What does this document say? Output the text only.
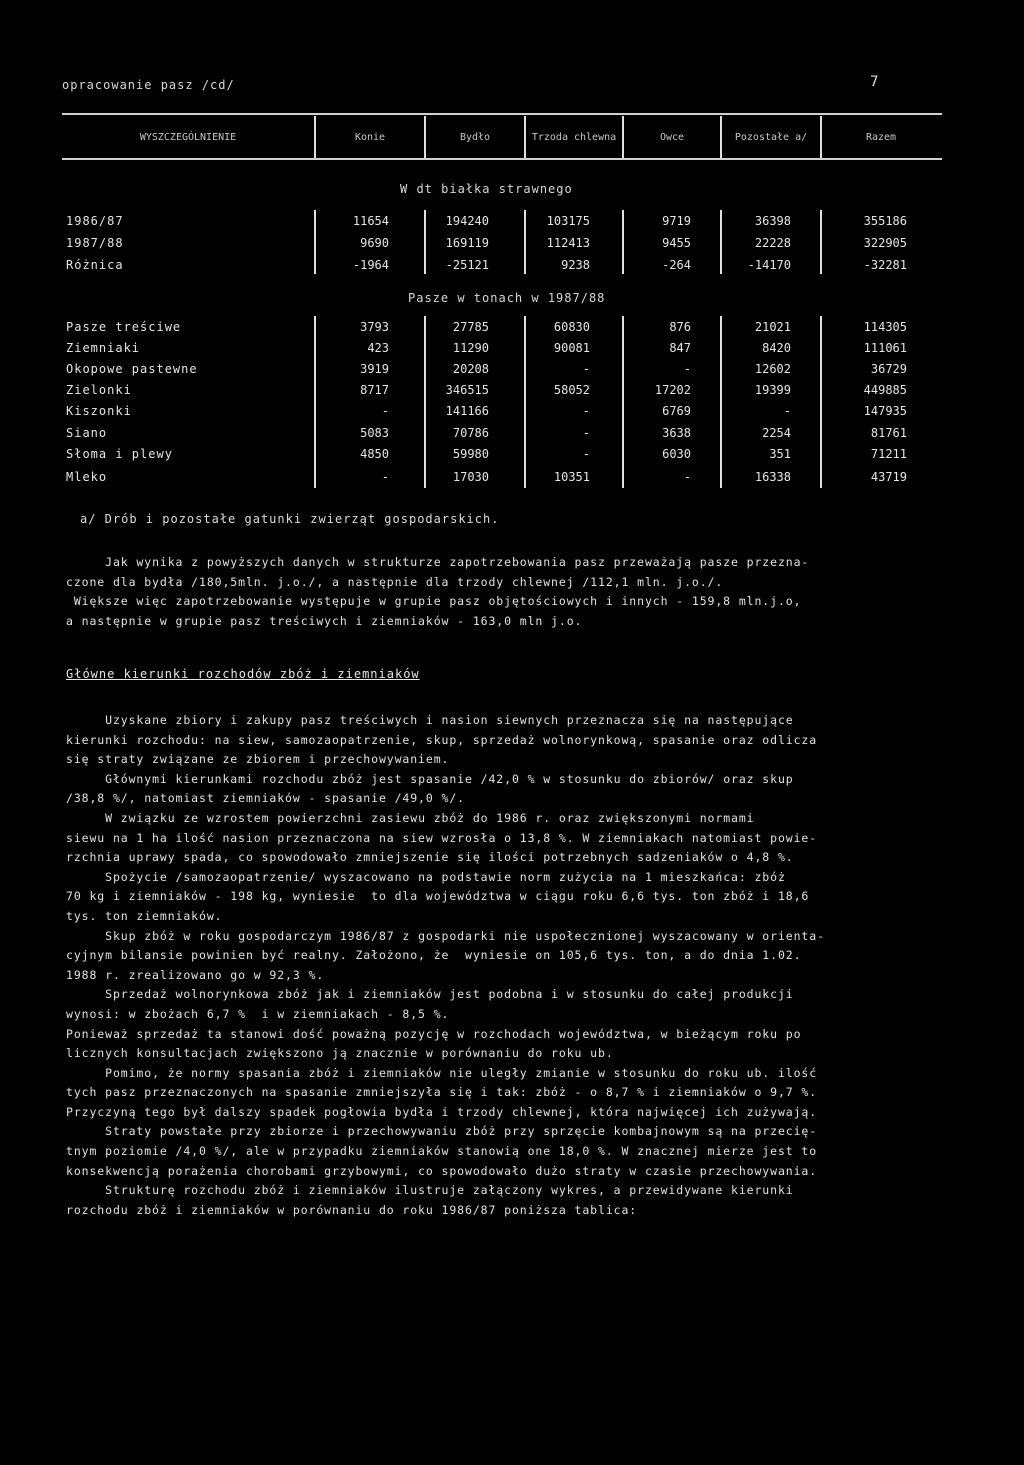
opracowanie pasz /cd/	7
WYSZCZEGÓLNIENIE	Konie	Bydło	Trzoda chlewna	Owce	Pozostałe a/	Razem
W dt białka strawnego
1986/87	11654	194240	103175	9719	36398	355186
1987/88	9690	169119	112413	9455	22228	322905
Różnica	-1964	-25121	9238	-264	-14170	-32281
Pasze w tonach w 1987/88
Pasze treściwe	3793	27785	60830	876	21021	114305
Ziemniaki	423	11290	90081	847	8420	111061
Okopowe pastewne	3919	20208	-	-	12602	36729
Zielonki	8717	346515	58052	17202	19399	449885
Kiszonki	-	141166	-	6769	-	147935
Siano	5083	70786	-	3638	2254	81761
Słoma i plewy	4850	59980	-	6030	351	71211
Mleko	-	17030	10351	-	16338	43719
a/ Drób i pozostałe gatunki zwierząt gospodarskich.
Jak wynika z powyższych danych w strukturze zapotrzebowania pasz przeważają pasze przezna-
czone dla bydła /180,5mln. j.o./, a następnie dla trzody chlewnej /112,1 mln. j.o./.
Większe więc zapotrzebowanie występuje w grupie pasz objętościowych i innych - 159,8 mln.j.o,
a następnie w grupie pasz treściwych i ziemniaków - 163,0 mln j.o.
Główne kierunki rozchodów zbóż i ziemniaków
Uzyskane zbiory i zakupy pasz treściwych i nasion siewnych przeznacza się na następujące
kierunki rozchodu: na siew, samozaopatrzenie, skup, sprzedaż wolnorynkową, spasanie oraz odlicza
się straty związane ze zbiorem i przechowywaniem.
Głównymi kierunkami rozchodu zbóż jest spasanie /42,0 % w stosunku do zbiorów/ oraz skup
/38,8 %/, natomiast ziemniaków - spasanie /49,0 %/.
W związku ze wzrostem powierzchni zasiewu zbóż do 1986 r. oraz zwiększonymi normami
siewu na 1 ha ilość nasion przeznaczona na siew wzrosła o 13,8 %. W ziemniakach natomiast powie-
rzchnia uprawy spada, co spowodowało zmniejszenie się ilości potrzebnych sadzeniaków o 4,8 %.
Spożycie /samozaopatrzenie/ wyszacowano na podstawie norm zużycia na 1 mieszkańca: zbóż
70 kg i ziemniaków - 198 kg, wyniesie  to dla województwa w ciągu roku 6,6 tys. ton zbóż i 18,6
tys. ton ziemniaków.
Skup zbóż w roku gospodarczym 1986/87 z gospodarki nie uspołecznionej wyszacowany w orienta-
cyjnym bilansie powinien być realny. Założono, że  wyniesie on 105,6 tys. ton, a do dnia 1.02.
1988 r. zrealizowano go w 92,3 %.
Sprzedaż wolnorynkowa zbóż jak i ziemniaków jest podobna i w stosunku do całej produkcji
wynosi: w zbożach 6,7 %  i w ziemniakach - 8,5 %.
Ponieważ sprzedaż ta stanowi dość poważną pozycję w rozchodach województwa, w bieżącym roku po
licznych konsultacjach zwiększono ją znacznie w porównaniu do roku ub.
Pomimo, że normy spasania zbóż i ziemniaków nie uległy zmianie w stosunku do roku ub. ilość
tych pasz przeznaczonych na spasanie zmniejszyła się i tak: zbóż - o 8,7 % i ziemniaków o 9,7 %.
Przyczyną tego był dalszy spadek pogłowia bydła i trzody chlewnej, która najwięcej ich zużywają.
Straty powstałe przy zbiorze i przechowywaniu zbóż przy sprzęcie kombajnowym są na przecię-
tnym poziomie /4,0 %/, ale w przypadku ziemniaków stanowią one 18,0 %. W znacznej mierze jest to
konsekwencją porażenia chorobami grzybowymi, co spowodowało dużo straty w czasie przechowywania.
Strukturę rozchodu zbóż i ziemniaków ilustruje załączony wykres, a przewidywane kierunki
rozchodu zbóż i ziemniaków w porównaniu do roku 1986/87 poniższa tablica:
